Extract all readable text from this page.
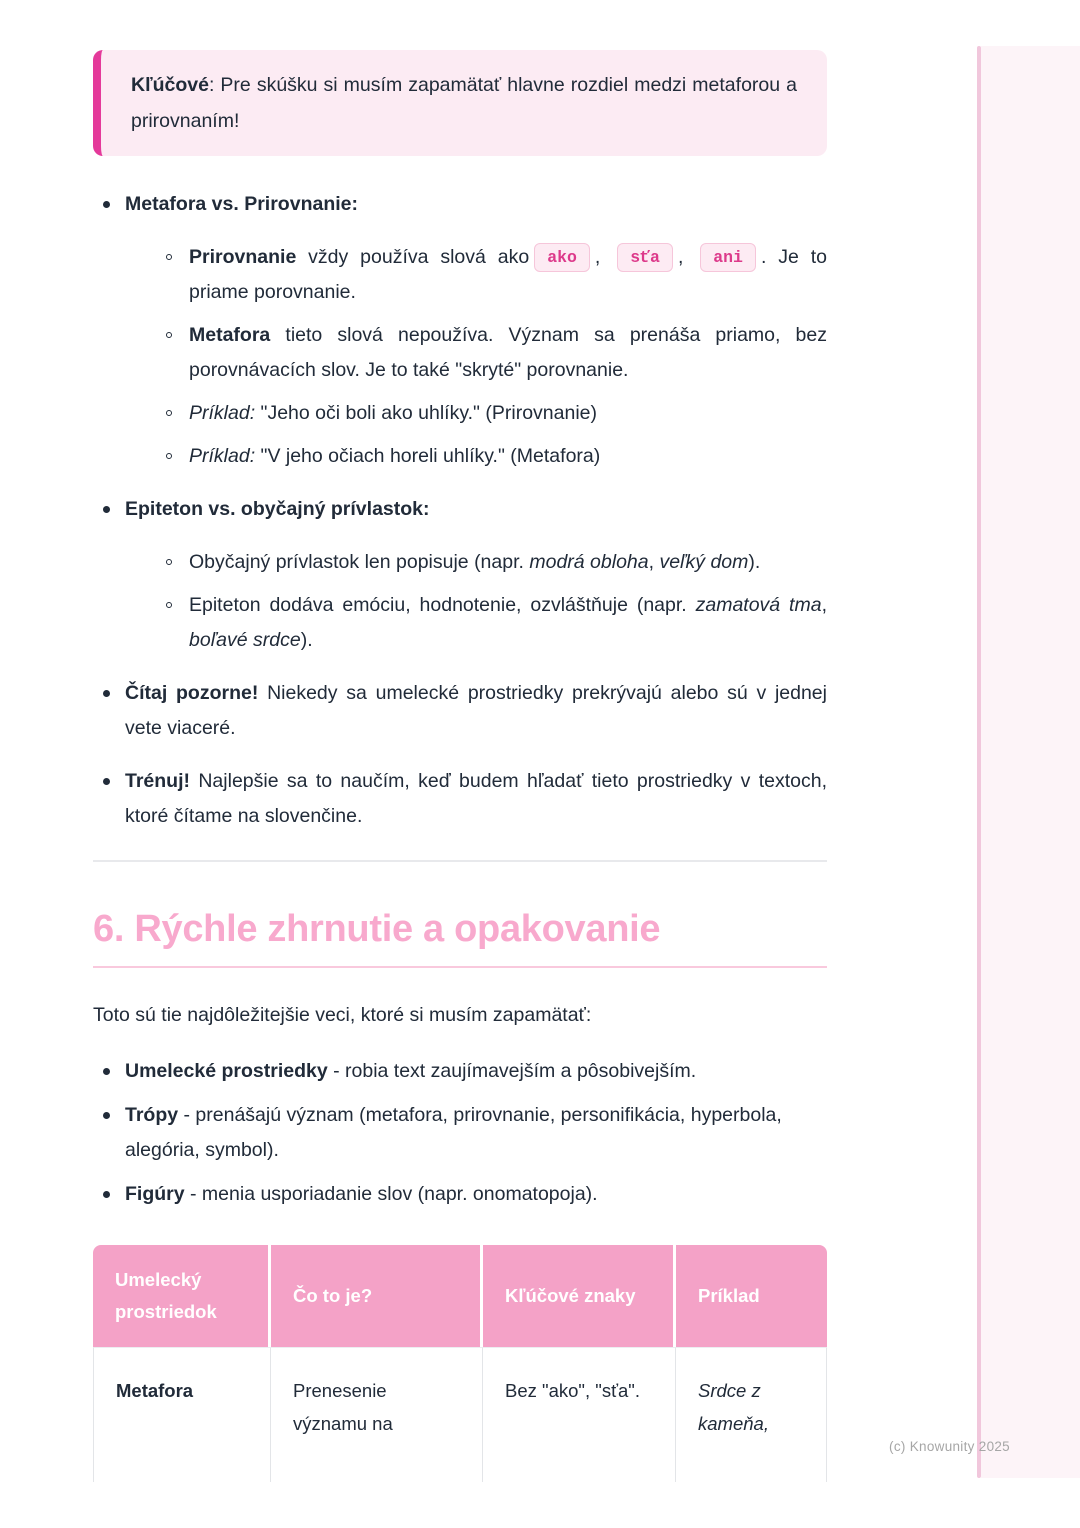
(c) Knowunity 2025

Kľúčové: Pre skúšku si musím zapamätať hlavne rozdiel medzi metaforou a prirovnaním!

Metafora vs. Prirovnanie:
Prirovnanie vždy používa slová ako ako , sťa , ani . Je to priame porovnanie.
Metafora tieto slová nepoužíva. Význam sa prenáša priamo, bez porovnávacích slov. Je to také "skryté" porovnanie.
Príklad: "Jeho oči boli ako uhlíky." (Prirovnanie)
Príklad: "V jeho očiach horeli uhlíky." (Metafora)
Epiteton vs. obyčajný prívlastok:
Obyčajný prívlastok len popisuje (napr. modrá obloha, veľký dom).
Epiteton dodáva emóciu, hodnotenie, ozvláštňuje (napr. zamatová tma, boľavé srdce).
Čítaj pozorne! Niekedy sa umelecké prostriedky prekrývajú alebo sú v jednej vete viaceré.
Trénuj! Najlepšie sa to naučím, keď budem hľadať tieto prostriedky v textoch, ktoré čítame na slovenčine.
6. Rýchle zhrnutie a opakovanie

Toto sú tie najdôležitejšie veci, ktoré si musím zapamätať:

Umelecké prostriedky - robia text zaujímavejším a pôsobivejším.
Trópy - prenášajú význam (metafora, prirovnanie, personifikácia, hyperbola, alegória, symbol).
Figúry - menia usporiadanie slov (napr. onomatopoja).
Umelecký prostriedok	Čo to je?	Kľúčové znaky	Príklad
Metafora	Prenesenie významu na	Bez "ako", "sťa".	Srdce z kameňa,
